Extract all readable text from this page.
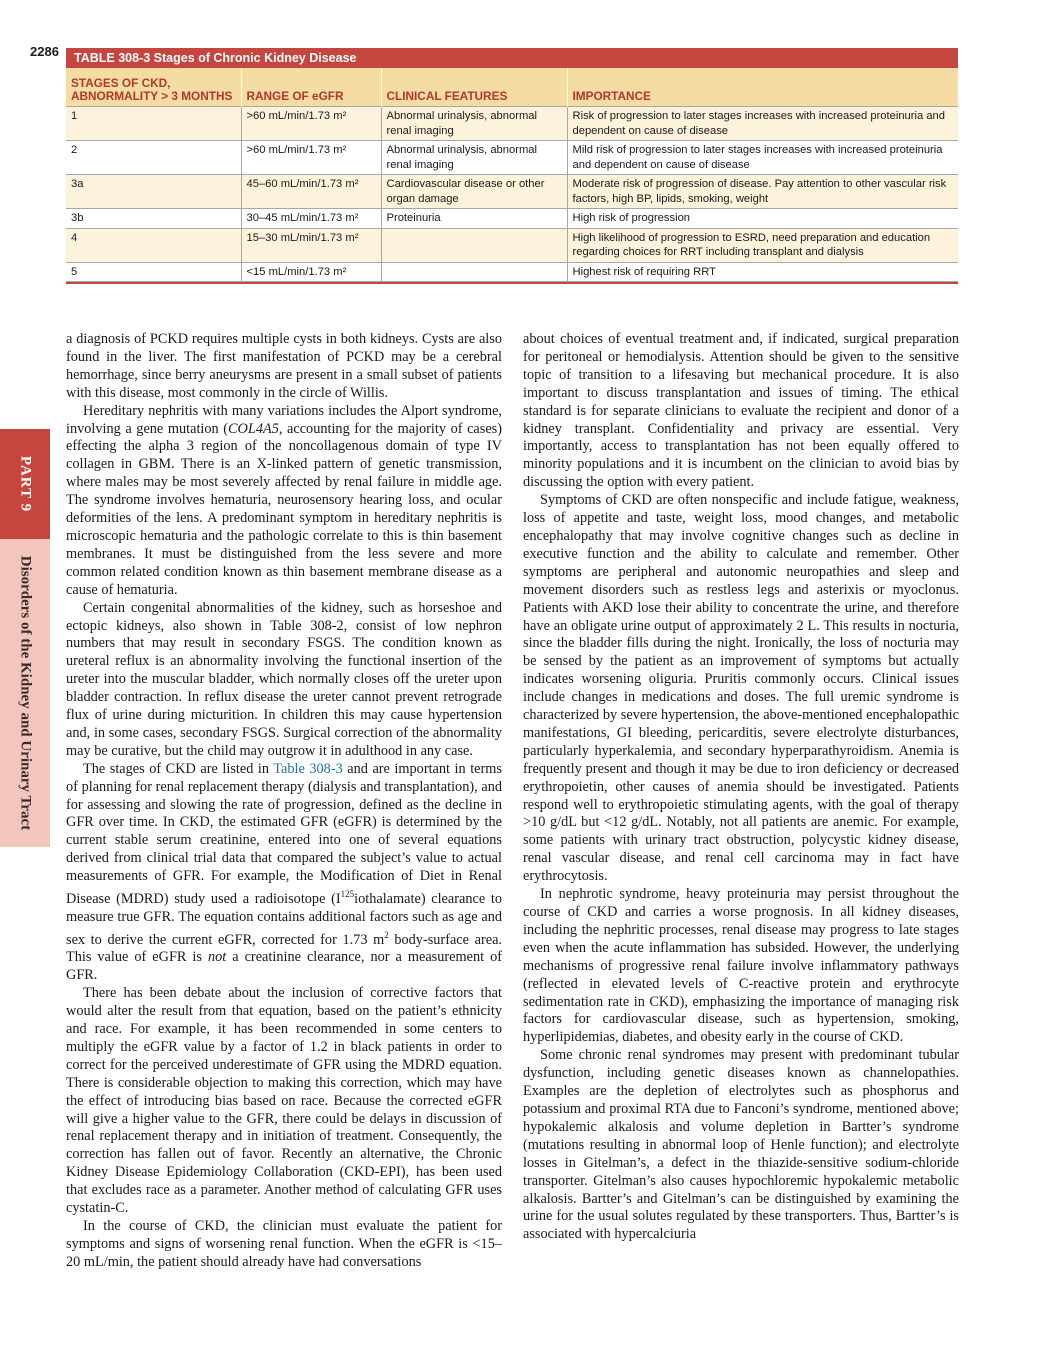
2286
PART 9
Disorders of the Kidney and Urinary Tract
TABLE 308-3 Stages of Chronic Kidney Disease
STAGES OF CKD, ABNORMALITY > 3 MONTHS	RANGE OF eGFR	CLINICAL FEATURES	IMPORTANCE
1	>60 mL/min/1.73 m²	Abnormal urinalysis, abnormal renal imaging	Risk of progression to later stages increases with increased proteinuria and dependent on cause of disease
2	>60 mL/min/1.73 m²	Abnormal urinalysis, abnormal renal imaging	Mild risk of progression to later stages increases with increased proteinuria and dependent on cause of disease
3a	45–60 mL/min/1.73 m²	Cardiovascular disease or other organ damage	Moderate risk of progression of disease. Pay attention to other vascular risk factors, high BP, lipids, smoking, weight
3b	30–45 mL/min/1.73 m²	Proteinuria	High risk of progression
4	15–30 mL/min/1.73 m²		High likelihood of progression to ESRD, need preparation and education regarding choices for RRT including transplant and dialysis
5	<15 mL/min/1.73 m²		Highest risk of requiring RRT

a diagnosis of PCKD requires multiple cysts in both kidneys. Cysts are also found in the liver. The first manifestation of PCKD may be a cerebral hemorrhage, since berry aneurysms are present in a small subset of patients with this disease, most commonly in the circle of Willis.

Hereditary nephritis with many variations includes the Alport syndrome, involving a gene mutation (COL4A5, accounting for the majority of cases) effecting the alpha 3 region of the noncollagenous domain of type IV collagen in GBM. There is an X-linked pattern of genetic transmission, where males may be most severely affected by renal failure in middle age. The syndrome involves hematuria, neurosensory hearing loss, and ocular deformities of the lens. A predominant symptom in hereditary nephritis is microscopic hematuria and the pathologic correlate to this is thin basement membranes. It must be distinguished from the less severe and more common related condition known as thin basement membrane disease as a cause of hematuria.

Certain congenital abnormalities of the kidney, such as horseshoe and ectopic kidneys, also shown in Table 308-2, consist of low nephron numbers that may result in secondary FSGS. The condition known as ureteral reflux is an abnormality involving the functional insertion of the ureter into the muscular bladder, which normally closes off the ureter upon bladder contraction. In reflux disease the ureter cannot prevent retrograde flux of urine during micturition. In children this may cause hypertension and, in some cases, secondary FSGS. Surgical correction of the abnormality may be curative, but the child may outgrow it in adulthood in any case.

The stages of CKD are listed in Table 308-3 and are important in terms of planning for renal replacement therapy (dialysis and transplantation), and for assessing and slowing the rate of progression, defined as the decline in GFR over time. In CKD, the estimated GFR (eGFR) is determined by the current stable serum creatinine, entered into one of several equations derived from clinical trial data that compared the subject’s value to actual measurements of GFR. For example, the Modification of Diet in Renal Disease (MDRD) study used a radioisotope $(I^{125}iothalamate)$ clearance to measure true GFR. The equation contains additional factors such as age and sex to derive the current eGFR, corrected for 1.73 $m^2$ body-surface area. This value of eGFR is not a creatinine clearance, nor a measurement of GFR.

There has been debate about the inclusion of corrective factors that would alter the result from that equation, based on the patient’s ethnicity and race. For example, it has been recommended in some centers to multiply the eGFR value by a factor of 1.2 in black patients in order to correct for the perceived underestimate of GFR using the MDRD equation. There is considerable objection to making this correction, which may have the effect of introducing bias based on race. Because the corrected eGFR will give a higher value to the GFR, there could be delays in discussion of renal replacement therapy and in initiation of treatment. Consequently, the correction has fallen out of favor. Recently an alternative, the Chronic Kidney Disease Epidemiology Collaboration (CKD-EPI), has been used that excludes race as a parameter. Another method of calculating GFR uses cystatin-C.

In the course of CKD, the clinician must evaluate the patient for symptoms and signs of worsening renal function. When the eGFR is <15–20 mL/min, the patient should already have had conversations

about choices of eventual treatment and, if indicated, surgical preparation for peritoneal or hemodialysis. Attention should be given to the sensitive topic of transition to a lifesaving but mechanical procedure. It is also important to discuss transplantation and issues of timing. The ethical standard is for separate clinicians to evaluate the recipient and donor of a kidney transplant. Confidentiality and privacy are essential. Very importantly, access to transplantation has not been equally offered to minority populations and it is incumbent on the clinician to avoid bias by discussing the option with every patient.

Symptoms of CKD are often nonspecific and include fatigue, weakness, loss of appetite and taste, weight loss, mood changes, and metabolic encephalopathy that may involve cognitive changes such as decline in executive function and the ability to calculate and remember. Other symptoms are peripheral and autonomic neuropathies and sleep and movement disorders such as restless legs and asterixis or myoclonus. Patients with AKD lose their ability to concentrate the urine, and therefore have an obligate urine output of approximately 2 L. This results in nocturia, since the bladder fills during the night. Ironically, the loss of nocturia may be sensed by the patient as an improvement of symptoms but actually indicates worsening oliguria. Pruritis commonly occurs. Clinical issues include changes in medications and doses. The full uremic syndrome is characterized by severe hypertension, the above-mentioned encephalopathic manifestations, GI bleeding, pericarditis, severe electrolyte disturbances, particularly hyperkalemia, and secondary hyperparathyroidism. Anemia is frequently present and though it may be due to iron deficiency or decreased erythropoietin, other causes of anemia should be investigated. Patients respond well to erythropoietic stimulating agents, with the goal of therapy >10 g/dL but <12 g/dL. Notably, not all patients are anemic. For example, some patients with urinary tract obstruction, polycystic kidney disease, renal vascular disease, and renal cell carcinoma may in fact have erythrocytosis.

In nephrotic syndrome, heavy proteinuria may persist throughout the course of CKD and carries a worse prognosis. In all kidney diseases, including the nephritic processes, renal disease may progress to late stages even when the acute inflammation has subsided. However, the underlying mechanisms of progressive renal failure involve inflammatory pathways (reflected in elevated levels of C-reactive protein and erythrocyte sedimentation rate in CKD), emphasizing the importance of managing risk factors for cardiovascular disease, such as hypertension, smoking, hyperlipidemias, diabetes, and obesity early in the course of CKD.

Some chronic renal syndromes may present with predominant tubular dysfunction, including genetic diseases known as channelopathies. Examples are the depletion of electrolytes such as phosphorus and potassium and proximal RTA due to Fanconi’s syndrome, mentioned above; hypokalemic alkalosis and volume depletion in Bartter’s syndrome (mutations resulting in abnormal loop of Henle function); and electrolyte losses in Gitelman’s, a defect in the thiazide-sensitive sodium-chloride transporter. Gitelman’s also causes hypochloremic hypokalemic metabolic alkalosis. Bartter’s and Gitelman’s can be distinguished by examining the urine for the usual solutes regulated by these transporters. Thus, Bartter’s is associated with hypercalciuria
